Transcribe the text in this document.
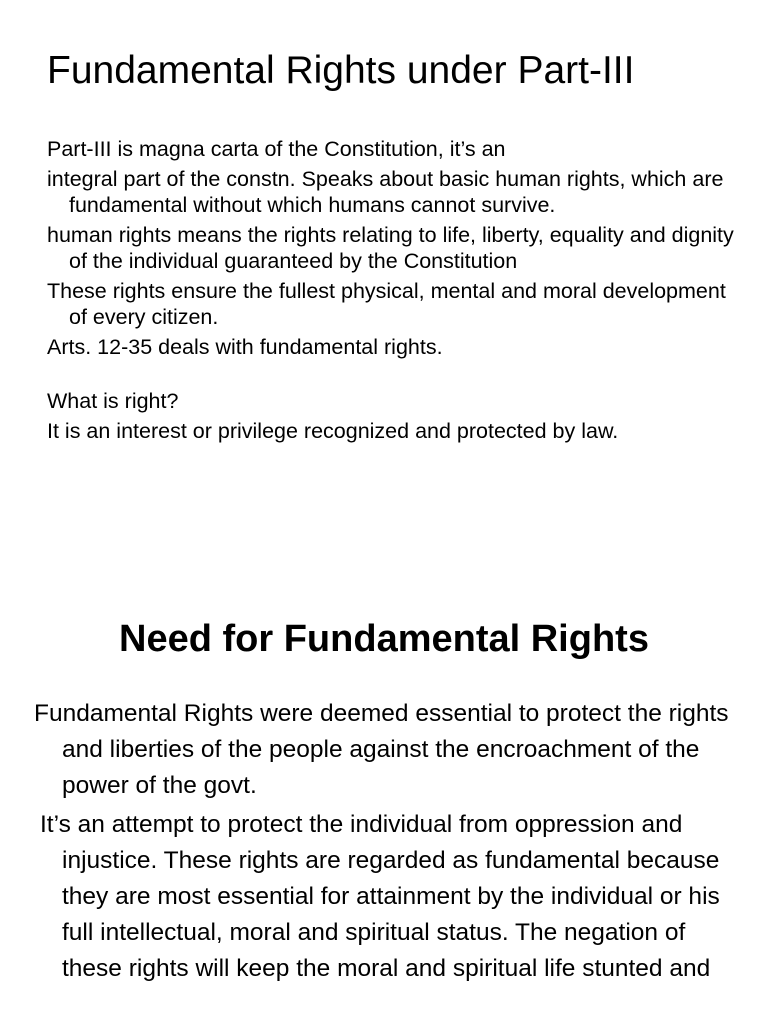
Fundamental Rights under Part-III

Part-III is magna carta of the Constitution, it’s an

integral part of the constn. Speaks about basic human rights, which are fundamental without which humans cannot survive.

human rights means the rights relating to life, liberty, equality and dignity of the individual guaranteed by the Constitution

These rights ensure the fullest physical, mental and moral development of every citizen.

Arts. 12-35 deals with fundamental rights.

What is right?

It is an interest or privilege recognized and protected by law.

Need for Fundamental Rights

Fundamental Rights were deemed essential to protect the rights and liberties of the people against the encroachment of the power of the govt.

It’s an attempt to protect the individual from oppression and injustice. These rights are regarded as fundamental because they are most essential for attainment by the individual or his full intellectual, moral and spiritual status. The negation of these rights will keep the moral and spiritual life stunted and
